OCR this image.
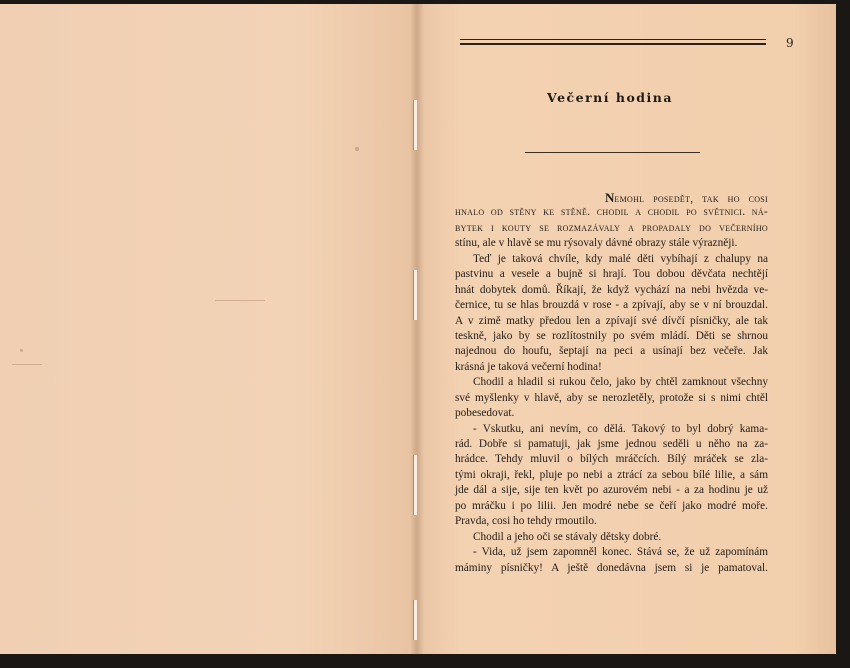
9
Večerní hodina
Nemohl posedět, tak ho cosi
hnalo od stěny ke stěně. chodil a chodil po světnici. ná-
bytek i kouty se rozmazávaly a propadaly do večerního
stínu, ale v hlavě se mu rýsovaly dávné obrazy stále výrazněji.
Teď je taková chvíle, kdy malé děti vybíhají z chalupy na
pastvinu a vesele a bujně si hrají. Tou dobou děvčata nechtějí
hnát dobytek domů. Říkají, že když vychází na nebi hvězda ve-
černice, tu se hlas brouzdá v rose - a zpívají, aby se v ní brouzdal.
A v zimě matky předou len a zpívají své dívčí písničky, ale tak
teskně, jako by se rozlítostnily po svém mládí. Děti se shrnou
najednou do houfu, šeptají na peci a usínají bez večeře. Jak
krásná je taková večerní hodina!
Chodil a hladil si rukou čelo, jako by chtěl zamknout všechny
své myšlenky v hlavě, aby se nerozletěly, protože si s nimi chtěl
pobesedovat.
- Vskutku, ani nevím, co dělá. Takový to byl dobrý kama-
rád. Dobře si pamatuji, jak jsme jednou seděli u něho na za-
hrádce. Tehdy mluvil o bílých mráčcích. Bílý mráček se zla-
tými okraji, řekl, pluje po nebi a ztrácí za sebou bílé lilie, a sám
jde dál a sije, sije ten květ po azurovém nebi - a za hodinu je už
po mráčku i po lilii. Jen modré nebe se čeří jako modré moře.
Pravda, cosi ho tehdy rmoutilo.
Chodil a jeho oči se stávaly dětsky dobré.
- Vida, už jsem zapomněl konec. Stává se, že už zapomínám
máminy písničky! A ještě donedávna jsem si je pamatoval.
